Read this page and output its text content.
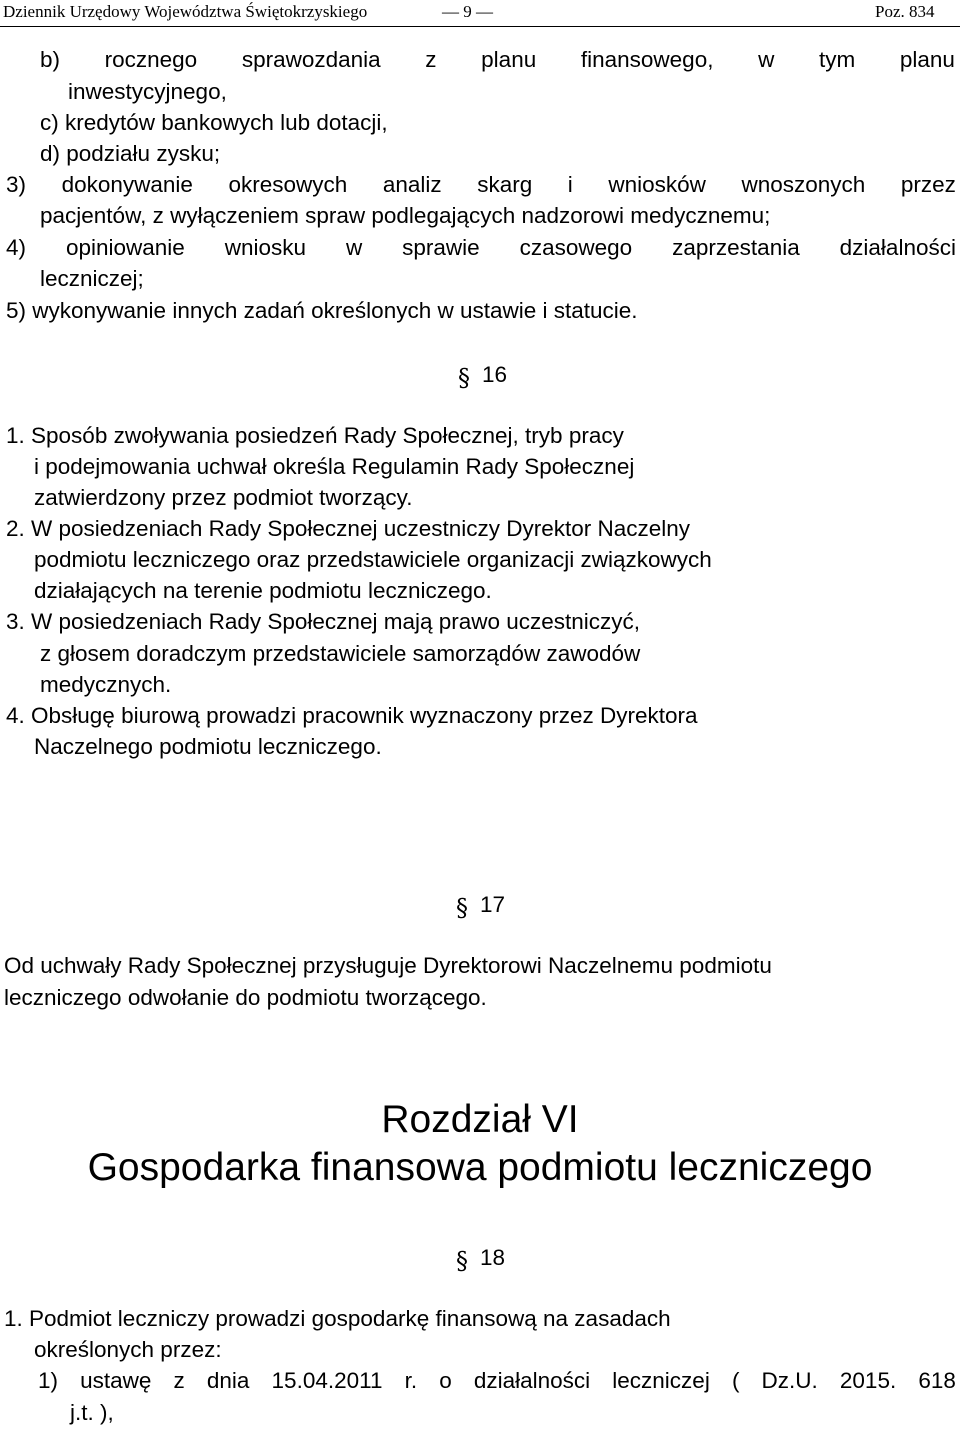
Dziennik Urzędowy Województwa Świętokrzyskiego	— 9 —	Poz. 834
b) rocznego sprawozdania z planu finansowego, w tym planu
inwestycyjnego,
c) kredytów bankowych lub dotacji,
d) podziału zysku;
3) dokonywanie okresowych analiz skarg i wniosków wnoszonych przez
pacjentów, z wyłączeniem spraw podlegających nadzorowi medycznemu;
4) opiniowanie wniosku w sprawie czasowego zaprzestania działalności
leczniczej;
5) wykonywanie innych zadań określonych w ustawie i statucie.
§ 16
1. Sposób zwoływania posiedzeń Rady Społecznej, tryb pracy
i podejmowania uchwał określa Regulamin Rady Społecznej
zatwierdzony przez podmiot tworzący.
2. W posiedzeniach Rady Społecznej uczestniczy Dyrektor Naczelny
podmiotu leczniczego oraz przedstawiciele organizacji związkowych
działających na terenie podmiotu leczniczego.
3. W posiedzeniach Rady Społecznej mają prawo uczestniczyć,
z głosem doradczym przedstawiciele samorządów zawodów
medycznych.
4. Obsługę biurową prowadzi pracownik wyznaczony przez Dyrektora
Naczelnego podmiotu leczniczego.
§ 17
Od uchwały Rady Społecznej przysługuje Dyrektorowi Naczelnemu podmiotu
leczniczego odwołanie do podmiotu tworzącego.
Rozdział VI
Gospodarka finansowa podmiotu leczniczego
§ 18
1. Podmiot leczniczy prowadzi gospodarkę finansową na zasadach
określonych przez:
1) ustawę z dnia 15.04.2011 r. o działalności leczniczej ( Dz.U. 2015. 618
j.t. ),
